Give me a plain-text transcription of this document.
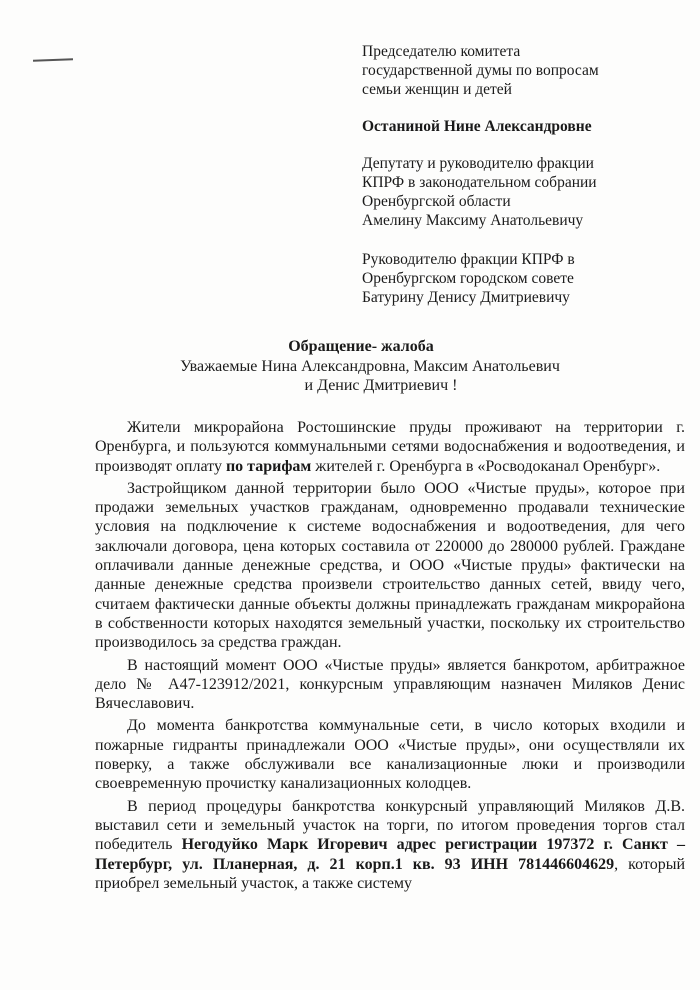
Председателю комитета

государственной думы по вопросам

семьи женщин и детей

Останиной Нине Александровне

Депутату и руководителю фракции

КПРФ в законодательном собрании

Оренбургской области

Амелину Максиму Анатольевичу

Руководителю фракции КПРФ в

Оренбургском городском совете

Батурину Денису Дмитриевичу

Обращение- жалоба

Уважаемые Нина Александровна, Максим Анатольевич

и Денис Дмитриевич !

Жители микрорайона Ростошинские пруды проживают на территории г. Оренбурга, и пользуются коммунальными сетями водоснабжения и водоотведения, и производят оплату по тарифам жителей г. Оренбурга в «Росводоканал Оренбург».

Застройщиком данной территории было ООО «Чистые пруды», которое при продажи земельных участков гражданам, одновременно продавали технические условия на подключение к системе водоснабжения и водоотведения, для чего заключали договора, цена которых составила от 220000 до 280000 рублей. Граждане оплачивали данные денежные средства, и ООО «Чистые пруды» фактически на данные денежные средства произвели строительство данных сетей, ввиду чего, считаем фактически данные объекты должны принадлежать гражданам микрорайона в собственности которых находятся земельный участки, поскольку их строительство производилось за средства граждан.

В настоящий момент ООО «Чистые пруды» является банкротом, арбитражное дело № А47-123912/2021, конкурсным управляющим назначен Миляков Денис Вячеславович.

До момента банкротства коммунальные сети, в число которых входили и пожарные гидранты принадлежали ООО «Чистые пруды», они осуществляли их поверку, а также обслуживали все канализационные люки и производили своевременную прочистку канализационных колодцев.

В период процедуры банкротства конкурсный управляющий Миляков Д.В. выставил сети и земельный участок на торги, по итогом проведения торгов стал победитель Негодуйко Марк Игоревич адрес регистрации 197372 г. Санкт –Петербург, ул. Планерная, д. 21 корп.1 кв. 93 ИНН 781446604629, который приобрел земельный участок, а также систему
